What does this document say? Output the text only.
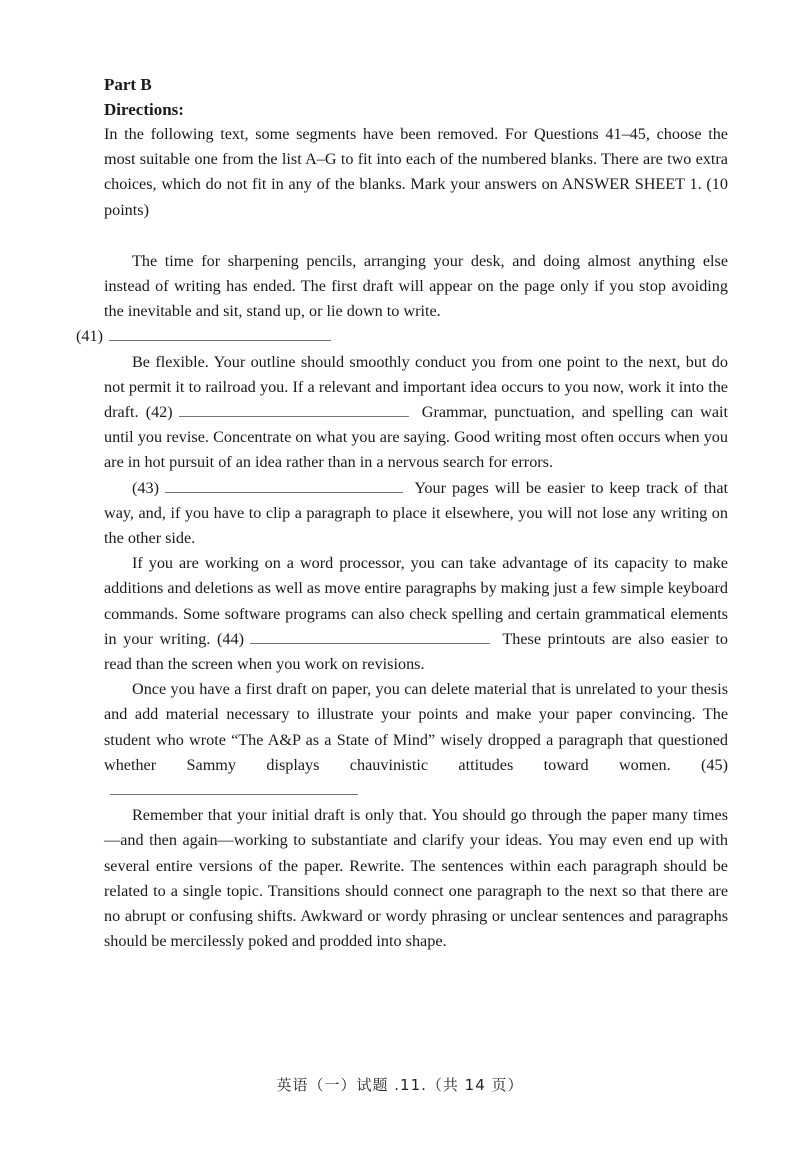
Part B
Directions:
In the following text, some segments have been removed. For Questions 41–45, choose the most suitable one from the list A–G to fit into each of the numbered blanks. There are two extra choices, which do not fit in any of the blanks. Mark your answers on ANSWER SHEET 1. (10 points)

The time for sharpening pencils, arranging your desk, and doing almost anything else instead of writing has ended. The first draft will appear on the page only if you stop avoiding the inevitable and sit, stand up, or lie down to write.
(41)

Be flexible. Your outline should smoothly conduct you from one point to the next, but do not permit it to railroad you. If a relevant and important idea occurs to you now, work it into the draft. (42)	Grammar, punctuation, and spelling can wait until you revise. Concentrate on what you are saying. Good writing most often occurs when you are in hot pursuit of an idea rather than in a nervous search for errors.

(43)	Your pages will be easier to keep track of that way, and, if you have to clip a paragraph to place it elsewhere, you will not lose any writing on the other side.

If you are working on a word processor, you can take advantage of its capacity to make additions and deletions as well as move entire paragraphs by making just a few simple keyboard commands. Some software programs can also check spelling and certain grammatical elements in your writing. (44)	These printouts are also easier to read than the screen when you work on revisions.

Once you have a first draft on paper, you can delete material that is unrelated to your thesis and add material necessary to illustrate your points and make your paper convincing. The student who wrote “The A&P as a State of Mind” wisely dropped a paragraph that questioned whether Sammy displays chauvinistic attitudes toward women. (45)

Remember that your initial draft is only that. You should go through the paper many times—and then again—working to substantiate and clarify your ideas. You may even end up with several entire versions of the paper. Rewrite. The sentences within each paragraph should be related to a single topic. Transitions should connect one paragraph to the next so that there are no abrupt or confusing shifts. Awkward or wordy phrasing or unclear sentences and paragraphs should be mercilessly poked and prodded into shape.

英语（一）试题 .11.（共 14 页）
